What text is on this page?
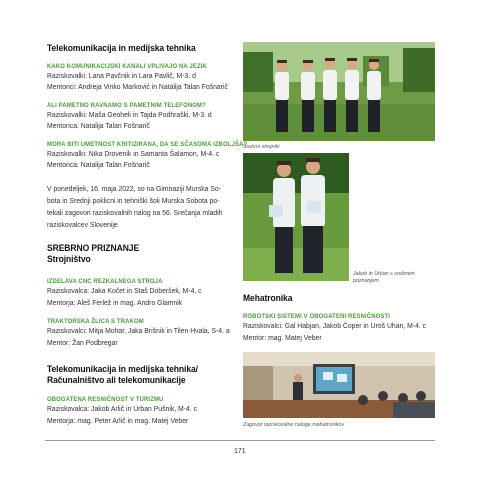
Telekomunikacija in medijska tehnika
KAKO KOMUNIKACIJSKI KANALI VPLIVAJO NA JEZIK
Raziskovalki: Lana Pavčnik in Lara Pavlič, M-3. d
Mentorici: Andreja Vinko Marković in Natalija Talan Fošnarič
ALI PAMETNO RAVNAMO S PAMETNIM TELEFONOM?
Raziskovalki: Maša Geoheli in Tajda Podhraški, M-3. d
Mentorica: Natalija Talan Fošnarič
MORA BITI UMETNOST KRITIZIRANA, DA SE SČASOMA IZBOLJŠA?
Raziskovalki: Nika Drovenik in Samanta Šalamon, M-4. c
Mentorica: Natalija Talan Fošnarič
V ponedeljek, 16. maja 2022, so na Gimnaziji Murska So-
bota in Srednji poklicni in tehniški šoli Murska Sobota po-
tekali zagovori raziskovalnih nalog na 56. Srečanja mladih
raziskovalcev Slovenije.
SREBRNO PRIZNANJE
Strojništvo
IZDELAVA CNC REZKALNEGA STROJA
Raziskovalca: Jaka Kočet in Staš Doberšek, M-4. c
Mentorja: Aleš Ferlež in mag. Andro Glamnik
TRAKTORSKA ŽLICA S TRAKOM
Raziskovalci: Mitja Mohar, Jaka Brišnik in Tilen Hvala, S-4. a
Mentor: Žan Podbregar
Telekomunikacija in medijska tehnika/
Računalništvo ali telekomunikacije
OBOGATENA RESNIČNOST V TURIZMU
Raziskovalca: Jakob Arlič in Urban Pušnik, M-4. c
Mentorja: mag. Peter Arlič in mag. Matej Veber
Srebrni strojniki
Jakob in Urban s srebrnim
priznanjem
Mehatronika
ROBOTSKI SISTEMI V OBOGATENI RESNIČNOSTI
Raziskovalci: Gal Habjan, Jakob Čoper in Uroš Uhan, M-4. c
Mentor: mag. Matej Veber
Zagovor raziskovalne naloge mehatronikov
171
